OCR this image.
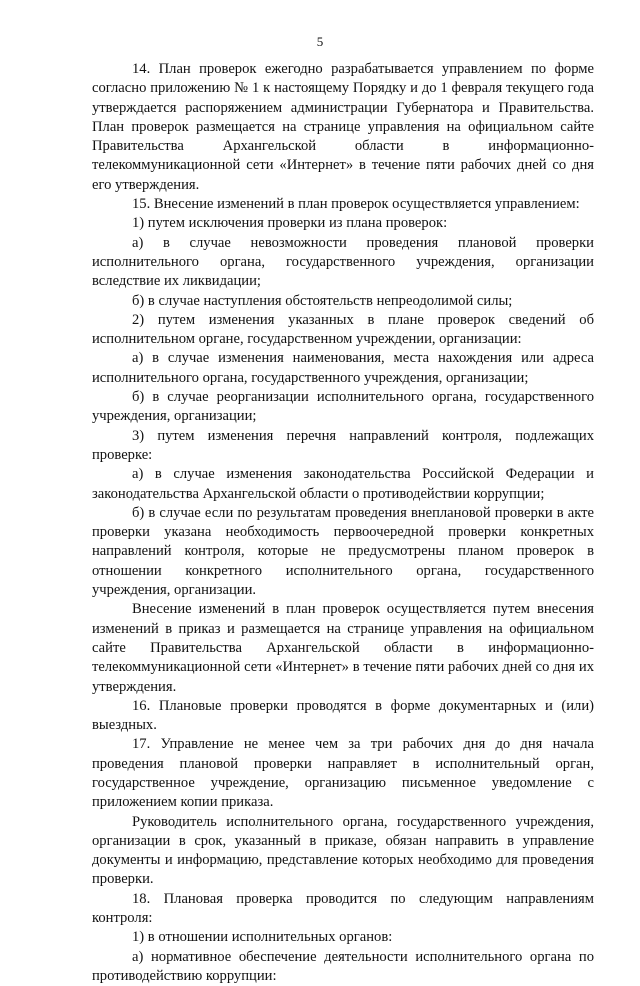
5

14. План проверок ежегодно разрабатывается управлением по форме согласно приложению № 1 к настоящему Порядку и до 1 февраля текущего года утверждается распоряжением администрации Губернатора и Правительства. План проверок размещается на странице управления на официальном сайте Правительства Архангельской области в информационно-телекоммуникационной сети «Интернет» в течение пяти рабочих дней со дня его утверждения.

15. Внесение изменений в план проверок осуществляется управлением:

1) путем исключения проверки из плана проверок:

а) в случае невозможности проведения плановой проверки исполнительного органа, государственного учреждения, организации вследствие их ликвидации;

б) в случае наступления обстоятельств непреодолимой силы;

2) путем изменения указанных в плане проверок сведений об исполнительном органе, государственном учреждении, организации:

а) в случае изменения наименования, места нахождения или адреса исполнительного органа, государственного учреждения, организации;

б) в случае реорганизации исполнительного органа, государственного учреждения, организации;

3) путем изменения перечня направлений контроля, подлежащих проверке:

а) в случае изменения законодательства Российской Федерации и законодательства Архангельской области о противодействии коррупции;

б) в случае если по результатам проведения внеплановой проверки в акте проверки указана необходимость первоочередной проверки конкретных направлений контроля, которые не предусмотрены планом проверок в отношении конкретного исполнительного органа, государственного учреждения, организации.

Внесение изменений в план проверок осуществляется путем внесения изменений в приказ и размещается на странице управления на официальном сайте Правительства Архангельской области в информационно-телекоммуникационной сети «Интернет» в течение пяти рабочих дней со дня их утверждения.

16. Плановые проверки проводятся в форме документарных и (или) выездных.

17. Управление не менее чем за три рабочих дня до дня начала проведения плановой проверки направляет в исполнительный орган, государственное учреждение, организацию письменное уведомление с приложением копии приказа.

Руководитель исполнительного органа, государственного учреждения, организации в срок, указанный в приказе, обязан направить в управление документы и информацию, представление которых необходимо для проведения проверки.

18. Плановая проверка проводится по следующим направлениям контроля:

1) в отношении исполнительных органов:

а) нормативное обеспечение деятельности исполнительного органа по противодействию коррупции:
